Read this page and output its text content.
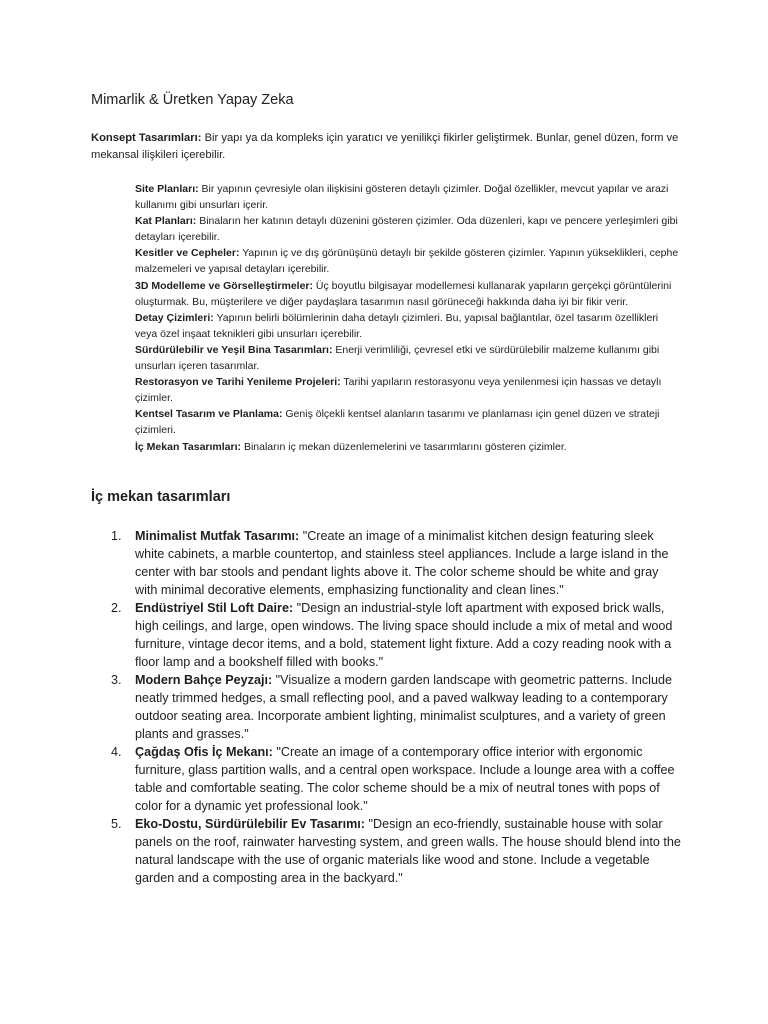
Mimarlik & Üretken Yapay Zeka

Konsept Tasarımları: Bir yapı ya da kompleks için yaratıcı ve yenilikçi fikirler geliştirmek. Bunlar, genel düzen, form ve mekansal ilişkileri içerebilir.

Site Planları: Bir yapının çevresiyle olan ilişkisini gösteren detaylı çizimler. Doğal özellikler, mevcut yapılar ve arazi kullanımı gibi unsurları içerir.
Kat Planları: Binaların her katının detaylı düzenini gösteren çizimler. Oda düzenleri, kapı ve pencere yerleşimleri gibi detayları içerebilir.
Kesitler ve Cepheler: Yapının iç ve dış görünüşünü detaylı bir şekilde gösteren çizimler. Yapının yükseklikleri, cephe malzemeleri ve yapısal detayları içerebilir.
3D Modelleme ve Görselleştirmeler: Üç boyutlu bilgisayar modellemesi kullanarak yapıların gerçekçi görüntülerini oluşturmak. Bu, müşterilere ve diğer paydaşlara tasarımın nasıl görüneceği hakkında daha iyi bir fikir verir.
Detay Çizimleri: Yapının belirli bölümlerinin daha detaylı çizimleri. Bu, yapısal bağlantılar, özel tasarım özellikleri veya özel inşaat teknikleri gibi unsurları içerebilir.
Sürdürülebilir ve Yeşil Bina Tasarımları: Enerji verimliliği, çevresel etki ve sürdürülebilir malzeme kullanımı gibi unsurları içeren tasarımlar.
Restorasyon ve Tarihi Yenileme Projeleri: Tarihi yapıların restorasyonu veya yenilenmesi için hassas ve detaylı çizimler.
Kentsel Tasarım ve Planlama: Geniş ölçekli kentsel alanların tasarımı ve planlaması için genel düzen ve strateji çizimleri.
İç Mekan Tasarımları: Binaların iç mekan düzenlemelerini ve tasarımlarını gösteren çizimler.
İç mekan tasarımları
1. Minimalist Mutfak Tasarımı: "Create an image of a minimalist kitchen design featuring sleek white cabinets, a marble countertop, and stainless steel appliances. Include a large island in the center with bar stools and pendant lights above it. The color scheme should be white and gray with minimal decorative elements, emphasizing functionality and clean lines."
2. Endüstriyel Stil Loft Daire: "Design an industrial-style loft apartment with exposed brick walls, high ceilings, and large, open windows. The living space should include a mix of metal and wood furniture, vintage decor items, and a bold, statement light fixture. Add a cozy reading nook with a floor lamp and a bookshelf filled with books."
3. Modern Bahçe Peyzajı: "Visualize a modern garden landscape with geometric patterns. Include neatly trimmed hedges, a small reflecting pool, and a paved walkway leading to a contemporary outdoor seating area. Incorporate ambient lighting, minimalist sculptures, and a variety of green plants and grasses."
4. Çağdaş Ofis İç Mekanı: "Create an image of a contemporary office interior with ergonomic furniture, glass partition walls, and a central open workspace. Include a lounge area with a coffee table and comfortable seating. The color scheme should be a mix of neutral tones with pops of color for a dynamic yet professional look."
5. Eko-Dostu, Sürdürülebilir Ev Tasarımı: "Design an eco-friendly, sustainable house with solar panels on the roof, rainwater harvesting system, and green walls. The house should blend into the natural landscape with the use of organic materials like wood and stone. Include a vegetable garden and a composting area in the backyard."
